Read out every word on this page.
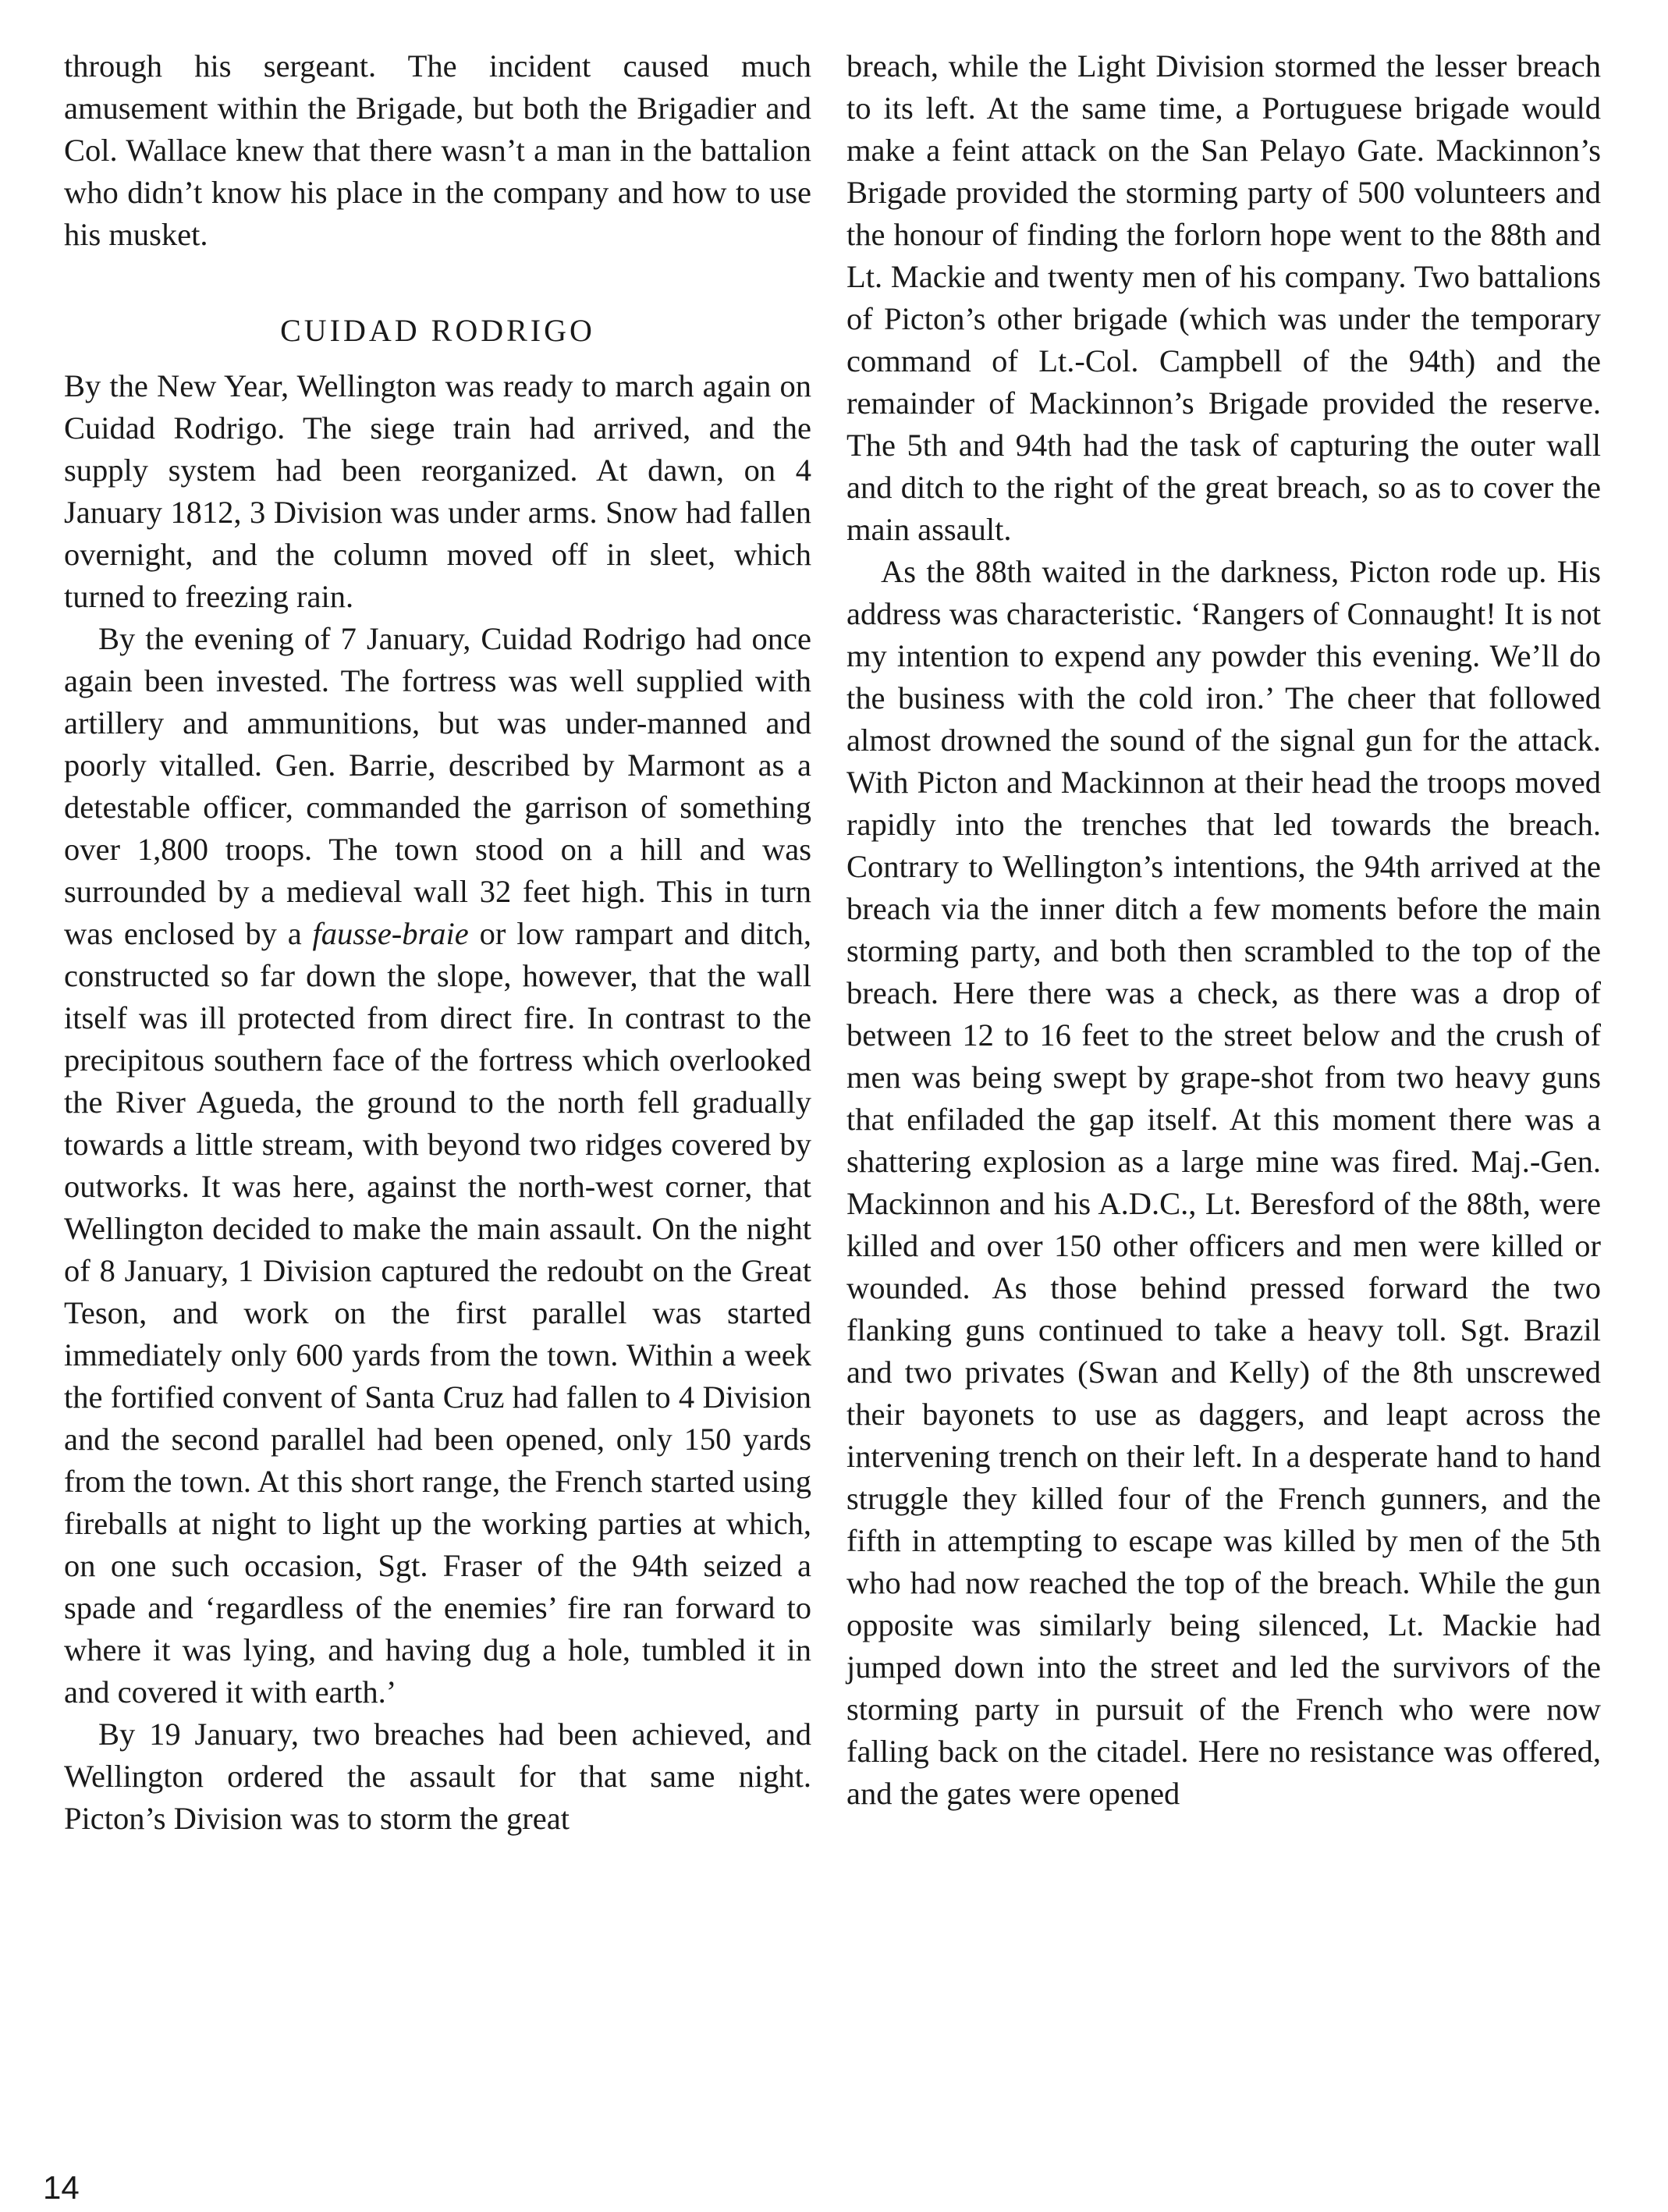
through his sergeant. The incident caused much amusement within the Brigade, but both the Brigadier and Col. Wallace knew that there wasn’t a man in the battalion who didn’t know his place in the company and how to use his musket.

CUIDAD RODRIGO

By the New Year, Wellington was ready to march again on Cuidad Rodrigo. The siege train had arrived, and the supply system had been reorganized. At dawn, on 4 January 1812, 3 Division was under arms. Snow had fallen overnight, and the column moved off in sleet, which turned to freezing rain.

By the evening of 7 January, Cuidad Rodrigo had once again been invested. The fortress was well supplied with artillery and ammunitions, but was under-manned and poorly vitalled. Gen. Barrie, described by Marmont as a detestable officer, commanded the garrison of something over 1,800 troops. The town stood on a hill and was surrounded by a medieval wall 32 feet high. This in turn was enclosed by a fausse-braie or low rampart and ditch, constructed so far down the slope, however, that the wall itself was ill protected from direct fire. In contrast to the precipitous southern face of the fortress which overlooked the River Agueda, the ground to the north fell gradually towards a little stream, with beyond two ridges covered by outworks. It was here, against the north-west corner, that Wellington decided to make the main assault. On the night of 8 January, 1 Division captured the redoubt on the Great Teson, and work on the first parallel was started immediately only 600 yards from the town. Within a week the fortified convent of Santa Cruz had fallen to 4 Division and the second parallel had been opened, only 150 yards from the town. At this short range, the French started using fireballs at night to light up the working parties at which, on one such occasion, Sgt. Fraser of the 94th seized a spade and ‘regardless of the enemies’ fire ran forward to where it was lying, and having dug a hole, tumbled it in and covered it with earth.’

By 19 January, two breaches had been achieved, and Wellington ordered the assault for that same night. Picton’s Division was to storm the great

breach, while the Light Division stormed the lesser breach to its left. At the same time, a Portuguese brigade would make a feint attack on the San Pelayo Gate. Mackinnon’s Brigade provided the storming party of 500 volunteers and the honour of finding the forlorn hope went to the 88th and Lt. Mackie and twenty men of his company. Two battalions of Picton’s other brigade (which was under the temporary command of Lt.-Col. Campbell of the 94th) and the remainder of Mackinnon’s Brigade provided the reserve. The 5th and 94th had the task of capturing the outer wall and ditch to the right of the great breach, so as to cover the main assault.

As the 88th waited in the darkness, Picton rode up. His address was characteristic. ‘Rangers of Connaught! It is not my intention to expend any powder this evening. We’ll do the business with the cold iron.’ The cheer that followed almost drowned the sound of the signal gun for the attack. With Picton and Mackinnon at their head the troops moved rapidly into the trenches that led towards the breach. Contrary to Wellington’s intentions, the 94th arrived at the breach via the inner ditch a few moments before the main storming party, and both then scrambled to the top of the breach. Here there was a check, as there was a drop of between 12 to 16 feet to the street below and the crush of men was being swept by grape-shot from two heavy guns that enfiladed the gap itself. At this moment there was a shattering explosion as a large mine was fired. Maj.-Gen. Mackinnon and his A.D.C., Lt. Beresford of the 88th, were killed and over 150 other officers and men were killed or wounded. As those behind pressed forward the two flanking guns continued to take a heavy toll. Sgt. Brazil and two privates (Swan and Kelly) of the 8th unscrewed their bayonets to use as daggers, and leapt across the intervening trench on their left. In a desperate hand to hand struggle they killed four of the French gunners, and the fifth in attempting to escape was killed by men of the 5th who had now reached the top of the breach. While the gun opposite was similarly being silenced, Lt. Mackie had jumped down into the street and led the survivors of the storming party in pursuit of the French who were now falling back on the citadel. Here no resistance was offered, and the gates were opened

14
